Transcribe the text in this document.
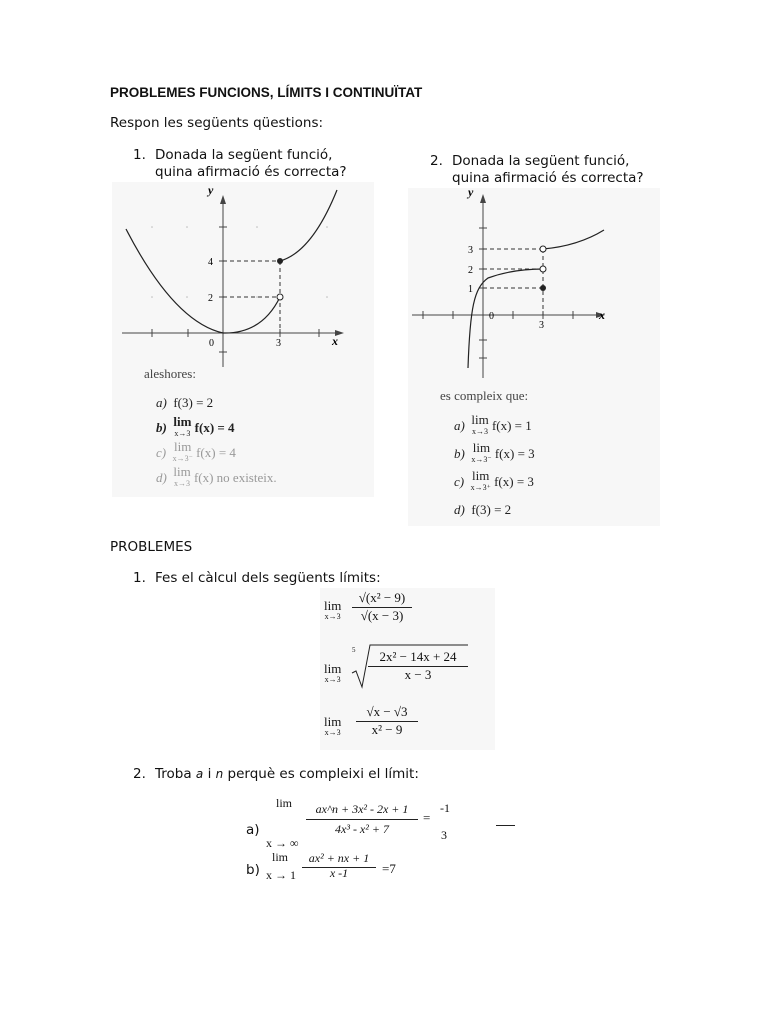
PROBLEMES FUNCIONS, LÍMITS I CONTINUÏTAT
Respon les següents qüestions:
1. Donada la següent funció,
quina afirmació és correcta?
2. Donada la següent funció,
quina afirmació és correcta?
y
x
0	3
4
2
aleshores:
a) f(3) = 2
b) lim
x→3 f(x) = 4
c) lim
x→3⁻ f(x) = 4
d) lim
x→3 f(x) no existeix.
y
x
0
3
3
2
1
es compleix que:
a) lim
x→3 f(x) = 1
b) lim
x→3⁻ f(x) = 3
c) lim
x→3⁺ f(x) = 3
d) f(3) = 2
PROBLEMES
1. Fes el càlcul dels següents límits:
lim
$x\to 3 \frac{\text{√(x² − 9)}}{√(x - 3)}$
lim
x→3
$5 \frac{\text{2x² − 14x + 24}}{x - 3}$
lim
$x\to 3 \frac{√x - √3}{\text{x² − 9}}$
2. Troba a i n perquè es compleixi el límit:
a)
lim
x → ∞
$\frac{\text{ax\textasciicircum{}n + 3x² - 2x + 1}}{\text{4x³ - x² + 7}}$ =
-1
3
b)
lim
$x \to 1 \frac{\text{ax² + nx + 1}}{x -1} =7$
